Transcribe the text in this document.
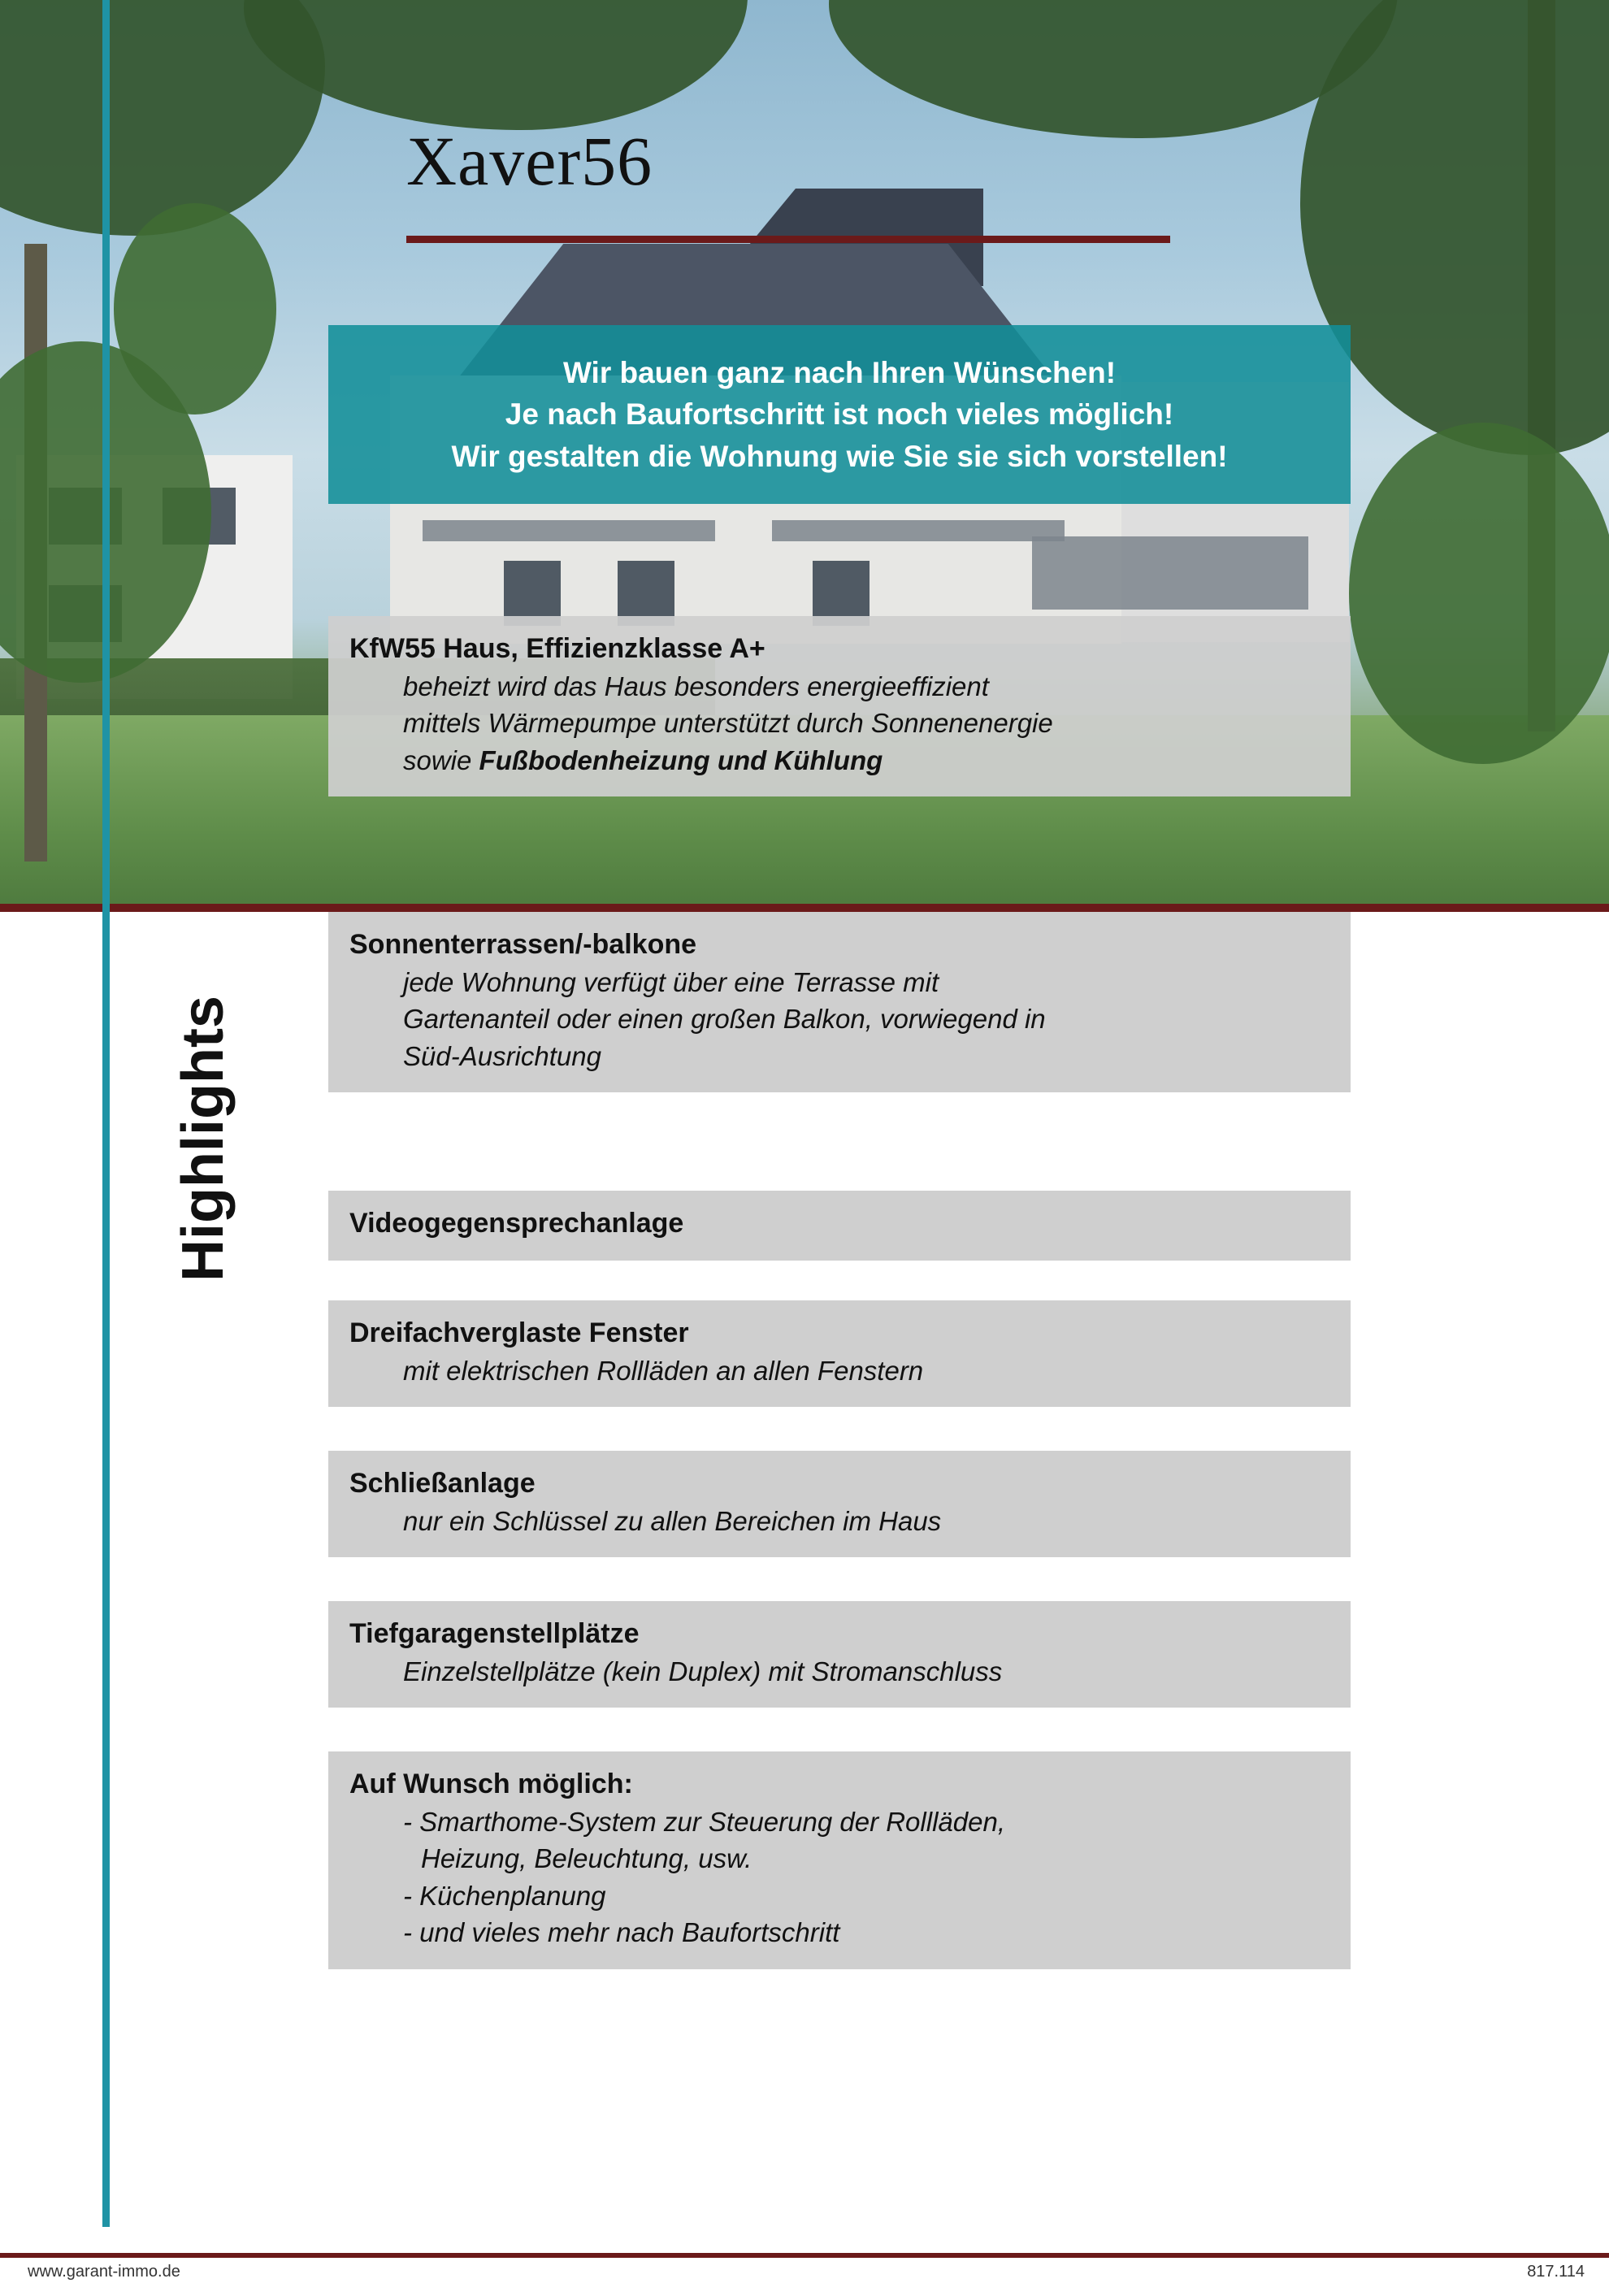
Xaver56

Wir bauen ganz nach Ihren Wünschen!

Je nach Baufortschritt ist noch vieles möglich!

Wir gestalten die Wohnung wie Sie sie sich vorstellen!

KfW55 Haus, Effizienzklasse A+
beheizt wird das Haus besonders energieeffizient
mittels Wärmepumpe unterstützt durch Sonnenenergie
sowie Fußbodenheizung und Kühlung
Sonnenterrassen/-balkone
jede Wohnung verfügt über eine Terrasse mit
Gartenanteil oder einen großen Balkon, vorwiegend in
Süd-Ausrichtung
Videogegensprechanlage
Dreifachverglaste Fenster
mit elektrischen Rollläden an allen Fenstern
Schließanlage
nur ein Schlüssel zu allen Bereichen im Haus
Tiefgaragenstellplätze
Einzelstellplätze (kein Duplex) mit Stromanschluss
Auf Wunsch möglich:
- Smarthome-System zur Steuerung der Rollläden,
Heizung, Beleuchtung, usw.
- Küchenplanung
- und vieles mehr nach Baufortschritt
Highlights
www.garant-immo.de	817.114
